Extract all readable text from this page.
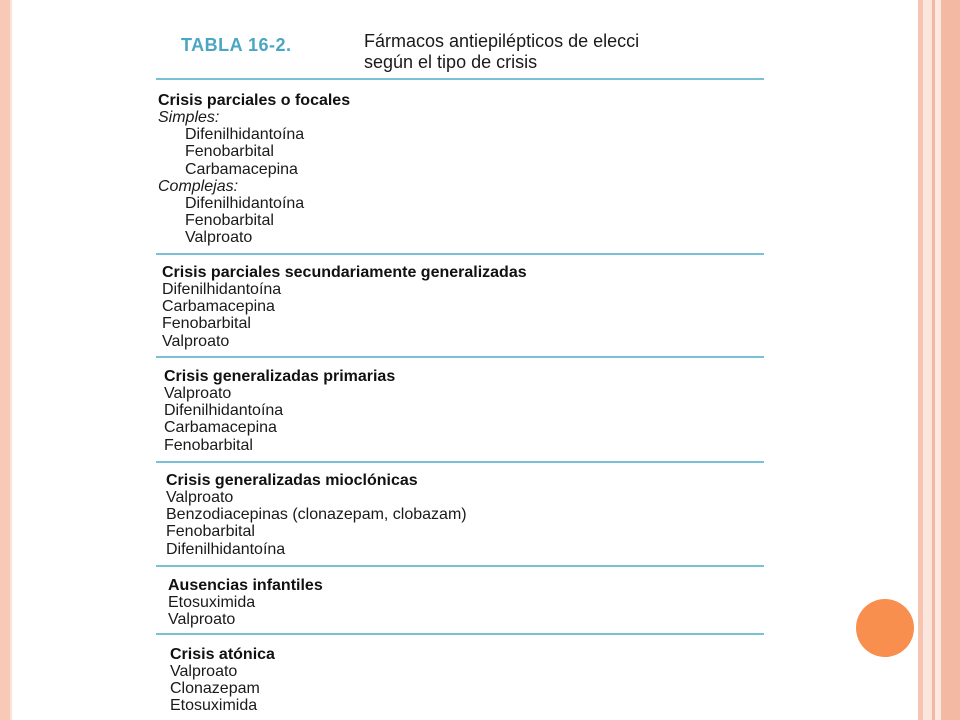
TABLA 16-2.	Fármacos antiepilépticos de elecci
según el tipo de crisis
Crisis parciales o focales
Simples:
Difenilhidantoína
Fenobarbital
Carbamacepina
Complejas:
Difenilhidantoína
Fenobarbital
Valproato
Crisis parciales secundariamente generalizadas
Difenilhidantoína
Carbamacepina
Fenobarbital
Valproato
Crisis generalizadas primarias
Valproato
Difenilhidantoína
Carbamacepina
Fenobarbital
Crisis generalizadas mioclónicas
Valproato
Benzodiacepinas (clonazepam, clobazam)
Fenobarbital
Difenilhidantoína
Ausencias infantiles
Etosuximida
Valproato
Crisis atónica
Valproato
Clonazepam
Etosuximida
